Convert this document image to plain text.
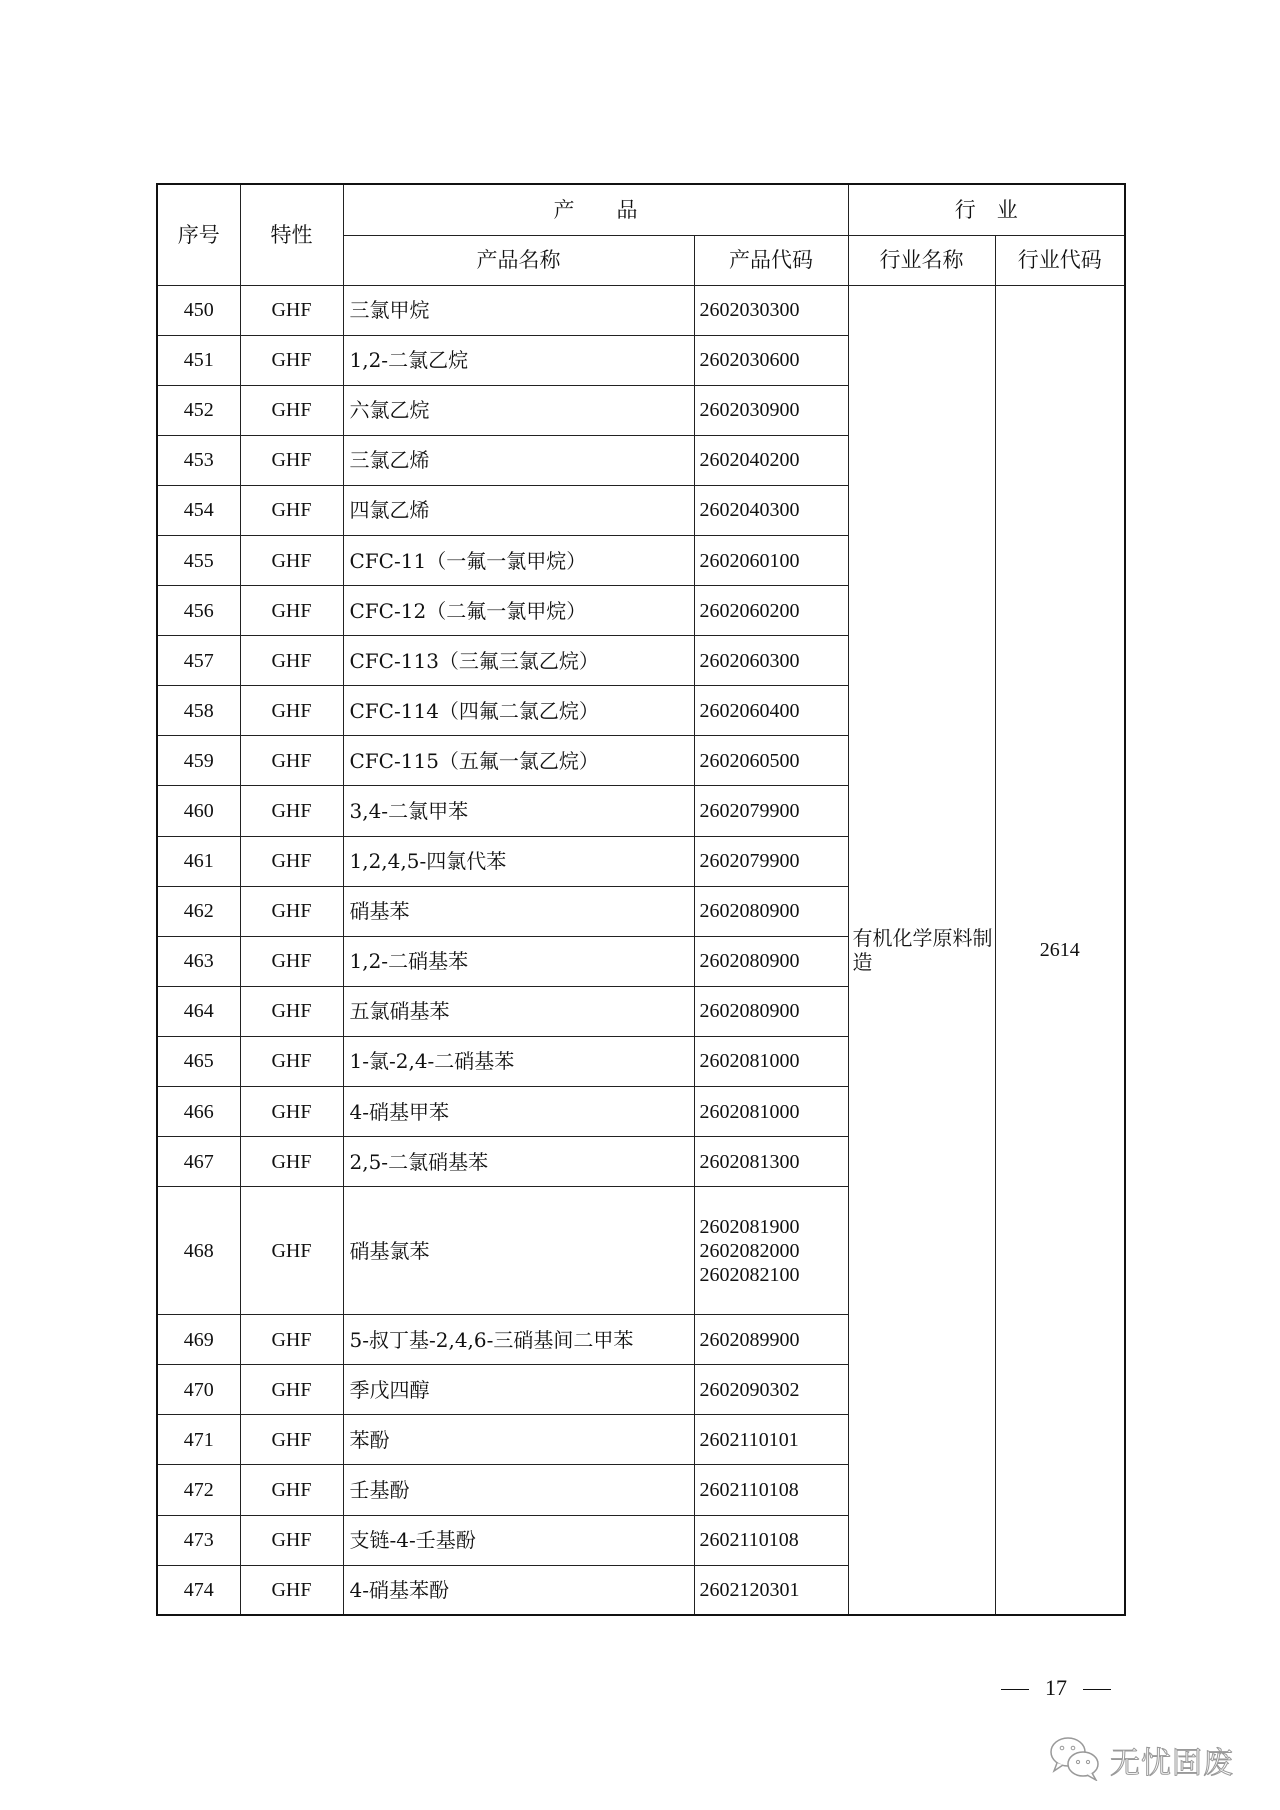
序号	特性	产　　品		行　业	
		产品名称	产品代码	行业名称	行业代码
450	GHF	三氯甲烷	2602030300	有机化学原料制造	2614
451	GHF	1,2-二氯乙烷	2602030600		

452	GHF	六氯乙烷	2602030900		

453	GHF	三氯乙烯	2602040200		

454	GHF	四氯乙烯	2602040300		

455	GHF	CFC-11（一氟一氯甲烷）	2602060100		

456	GHF	CFC-12（二氟一氯甲烷）	2602060200		

457	GHF	CFC-113（三氟三氯乙烷）	2602060300		

458	GHF	CFC-114（四氟二氯乙烷）	2602060400		

459	GHF	CFC-115（五氟一氯乙烷）	2602060500		

460	GHF	3,4-二氯甲苯	2602079900		

461	GHF	1,2,4,5-四氯代苯	2602079900		

462	GHF	硝基苯	2602080900		

463	GHF	1,2-二硝基苯	2602080900		

464	GHF	五氯硝基苯	2602080900		

465	GHF	1-氯-2,4-二硝基苯	2602081000		

466	GHF	4-硝基甲苯	2602081000		

467	GHF	2,5-二氯硝基苯	2602081300		

468	GHF	硝基氯苯	2602081900
2602082000
2602082100		

469	GHF	5-叔丁基-2,4,6-三硝基间二甲苯	2602089900		

470	GHF	季戊四醇	2602090302		

471	GHF	苯酚	2602110101		

472	GHF	壬基酚	2602110108		

473	GHF	支链-4-壬基酚	2602110108		

474	GHF	4-硝基苯酚	2602120301		
17
无忧固废
